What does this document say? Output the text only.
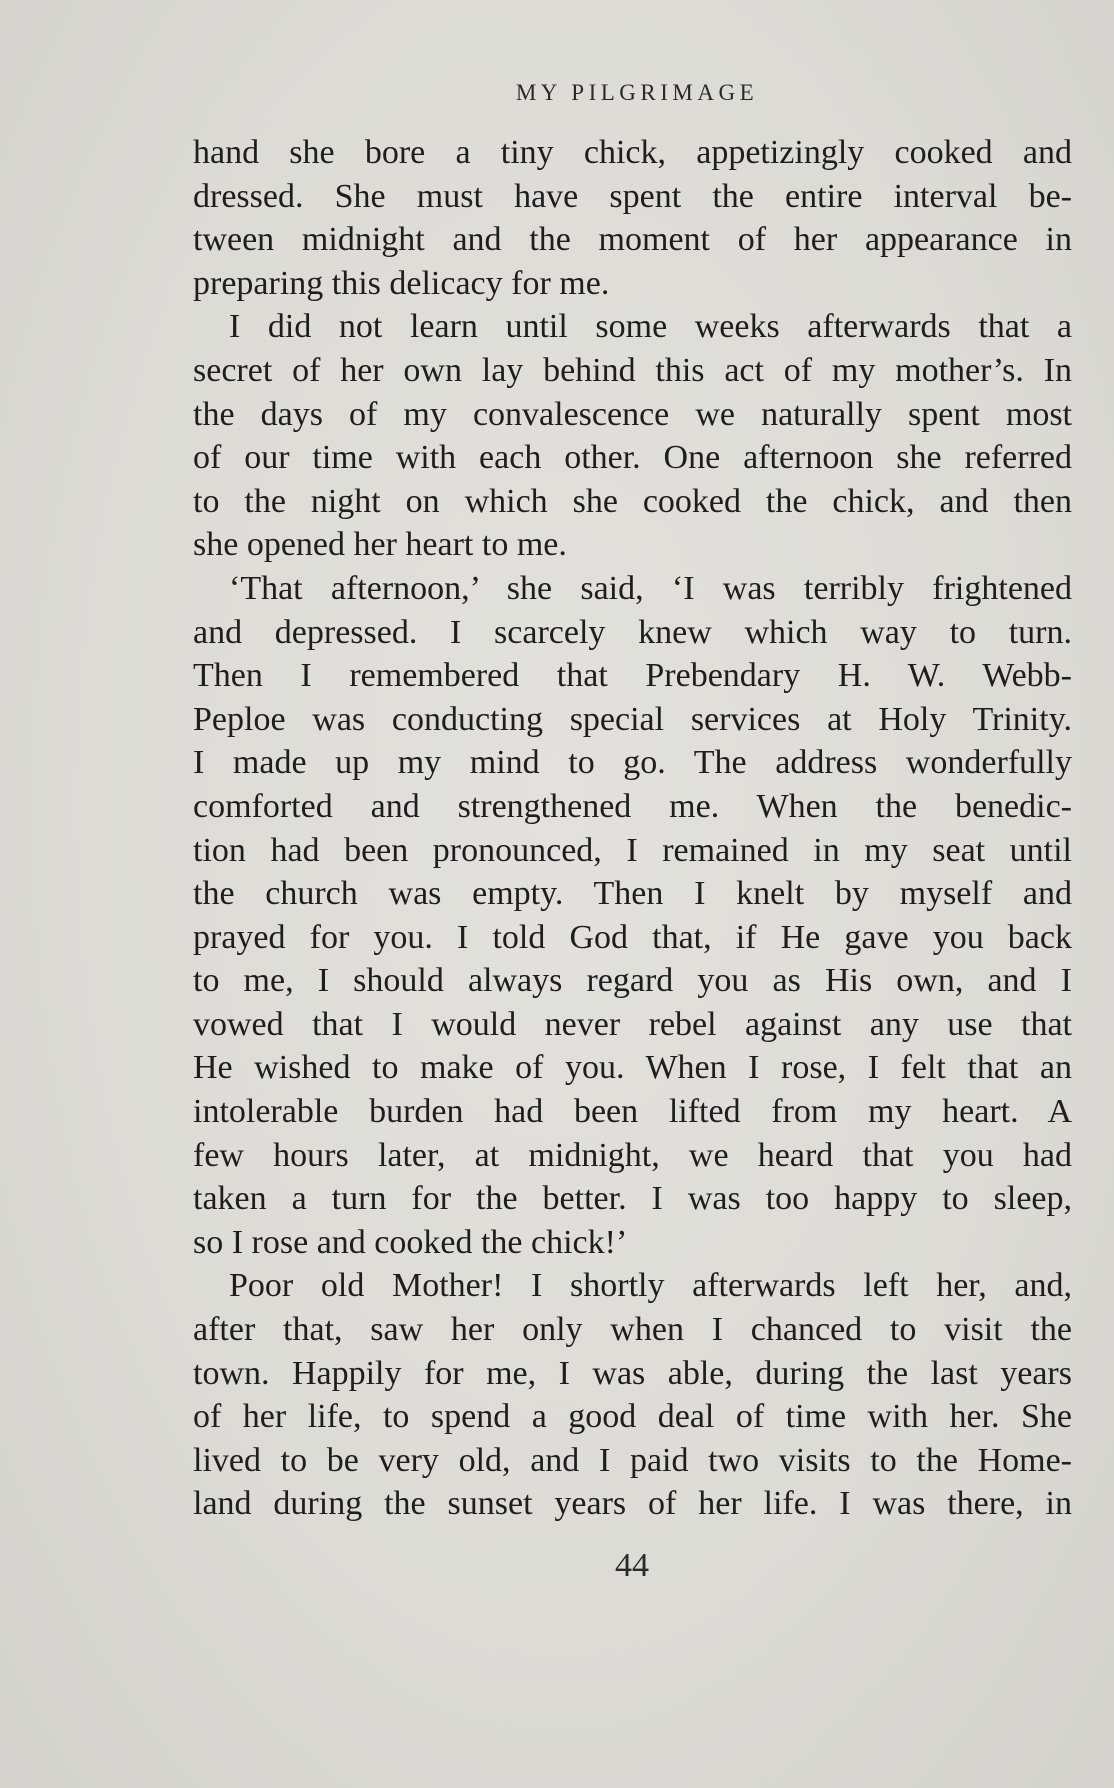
MY PILGRIMAGE
hand she bore a tiny chick, appetizingly cooked and
dressed. She must have spent the entire interval be-
tween midnight and the moment of her appearance in
preparing this delicacy for me.
I did not learn until some weeks afterwards that a
secret of her own lay behind this act of my mother’s. In
the days of my convalescence we naturally spent most
of our time with each other. One afternoon she referred
to the night on which she cooked the chick, and then
she opened her heart to me.
‘That afternoon,’ she said, ‘I was terribly frightened
and depressed. I scarcely knew which way to turn.
Then I remembered that Prebendary H. W. Webb-
Peploe was conducting special services at Holy Trinity.
I made up my mind to go. The address wonderfully
comforted and strengthened me. When the benedic-
tion had been pronounced, I remained in my seat until
the church was empty. Then I knelt by myself and
prayed for you. I told God that, if He gave you back
to me, I should always regard you as His own, and I
vowed that I would never rebel against any use that
He wished to make of you. When I rose, I felt that an
intolerable burden had been lifted from my heart. A
few hours later, at midnight, we heard that you had
taken a turn for the better. I was too happy to sleep,
so I rose and cooked the chick!’
Poor old Mother! I shortly afterwards left her, and,
after that, saw her only when I chanced to visit the
town. Happily for me, I was able, during the last years
of her life, to spend a good deal of time with her. She
lived to be very old, and I paid two visits to the Home-
land during the sunset years of her life. I was there, in
44
